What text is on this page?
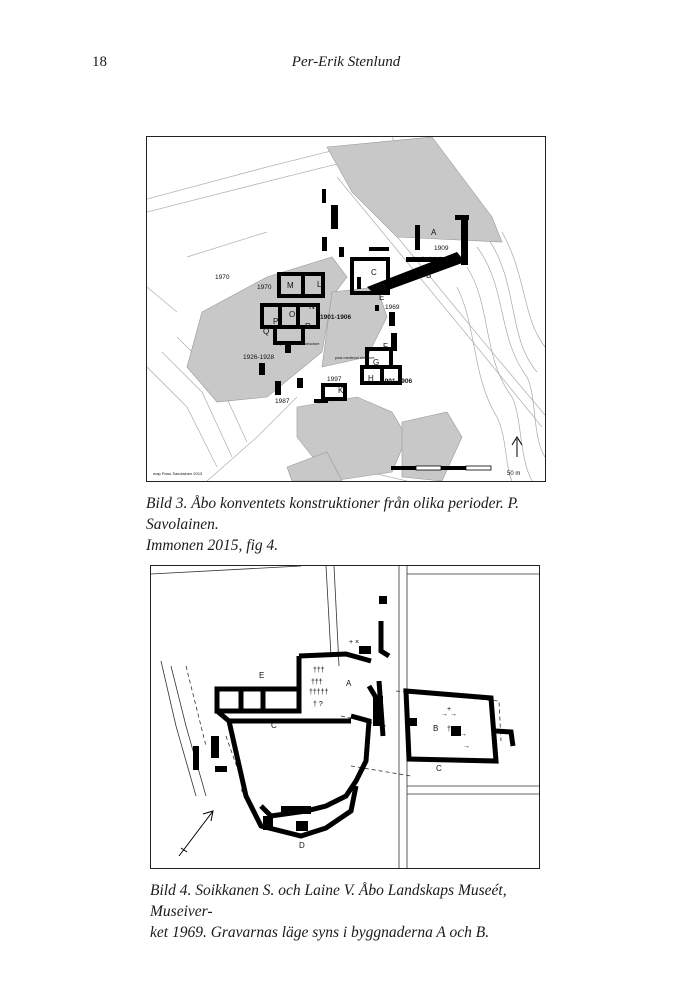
18	Per-Erik Stenlund
A
B
C
D
E
F
G
H
K
L
M
N
O
P
Q
R
1909
1970
1970
1969
1901-1906
1901-1906
1926-1928
1997
1987
post-medieval structure
post-medieval structure
post-medieval structure
50 m
map Panu Savolainen 2013
Bild 3. Åbo konventets konstruktioner från olika perioder. P. Savolainen.
Immonen 2015, fig 4.
†††
†††
†††††
† ?
+ ×
→ →
→ →
→
†
+
E
A
B
C
C
C
D
Bild 4. Soikkanen S. och Laine V. Åbo Landskaps Museét, Museiver-
ket 1969. Gravarnas läge syns i byggnaderna A och B.
